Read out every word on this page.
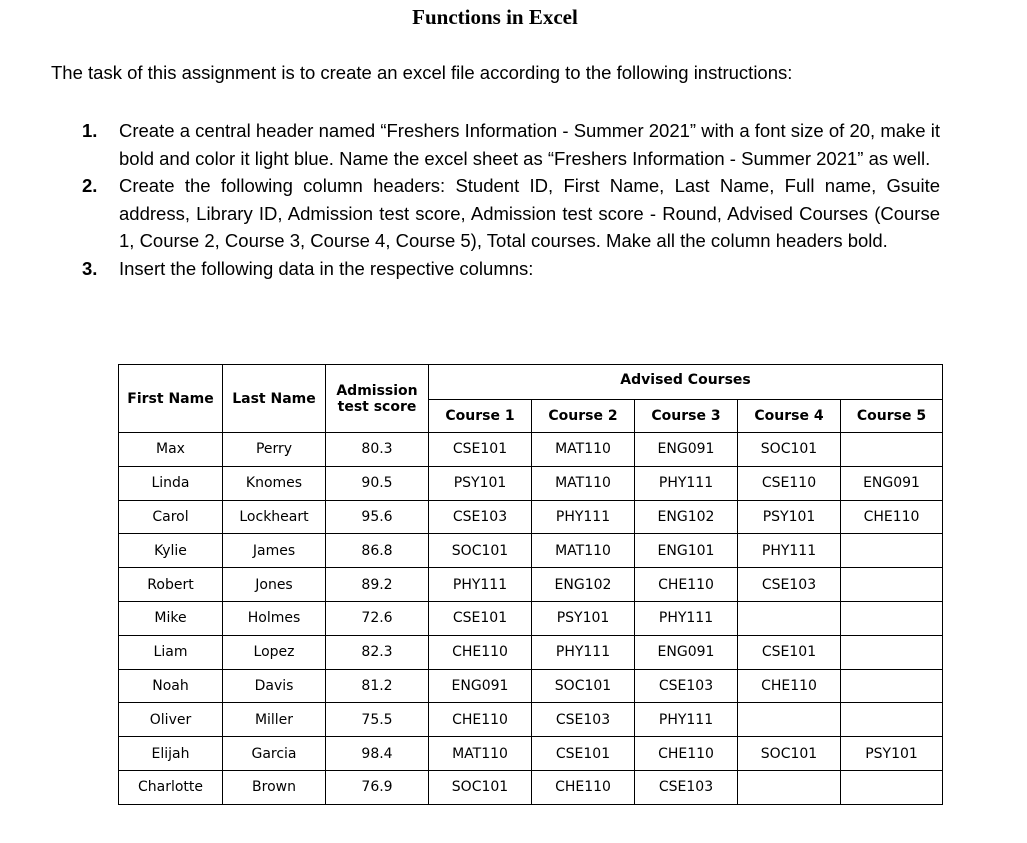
Functions in Excel
The task of this assignment is to create an excel file according to the following instructions:
1. Create a central header named “Freshers Information - Summer 2021” with a font size of 20, make it bold and color it light blue. Name the excel sheet as “Freshers Information - Summer 2021” as well.
2. Create the following column headers: Student ID, First Name, Last Name, Full name, Gsuite address, Library ID, Admission test score, Admission test score - Round, Advised Courses (Course 1, Course 2, Course 3, Course 4, Course 5), Total courses. Make all the column headers bold.
3. Insert the following data in the respective columns:
First Name	Last Name	Admission test score	Advised Courses				
			Course 1	Course 2	Course 3	Course 4	Course 5
Max	Perry	80.3	CSE101	MAT110	ENG091	SOC101	
Linda	Knomes	90.5	PSY101	MAT110	PHY111	CSE110	ENG091
Carol	Lockheart	95.6	CSE103	PHY111	ENG102	PSY101	CHE110
Kylie	James	86.8	SOC101	MAT110	ENG101	PHY111	
Robert	Jones	89.2	PHY111	ENG102	CHE110	CSE103	
Mike	Holmes	72.6	CSE101	PSY101	PHY111		
Liam	Lopez	82.3	CHE110	PHY111	ENG091	CSE101	
Noah	Davis	81.2	ENG091	SOC101	CSE103	CHE110	
Oliver	Miller	75.5	CHE110	CSE103	PHY111		
Elijah	Garcia	98.4	MAT110	CSE101	CHE110	SOC101	PSY101
Charlotte	Brown	76.9	SOC101	CHE110	CSE103		
